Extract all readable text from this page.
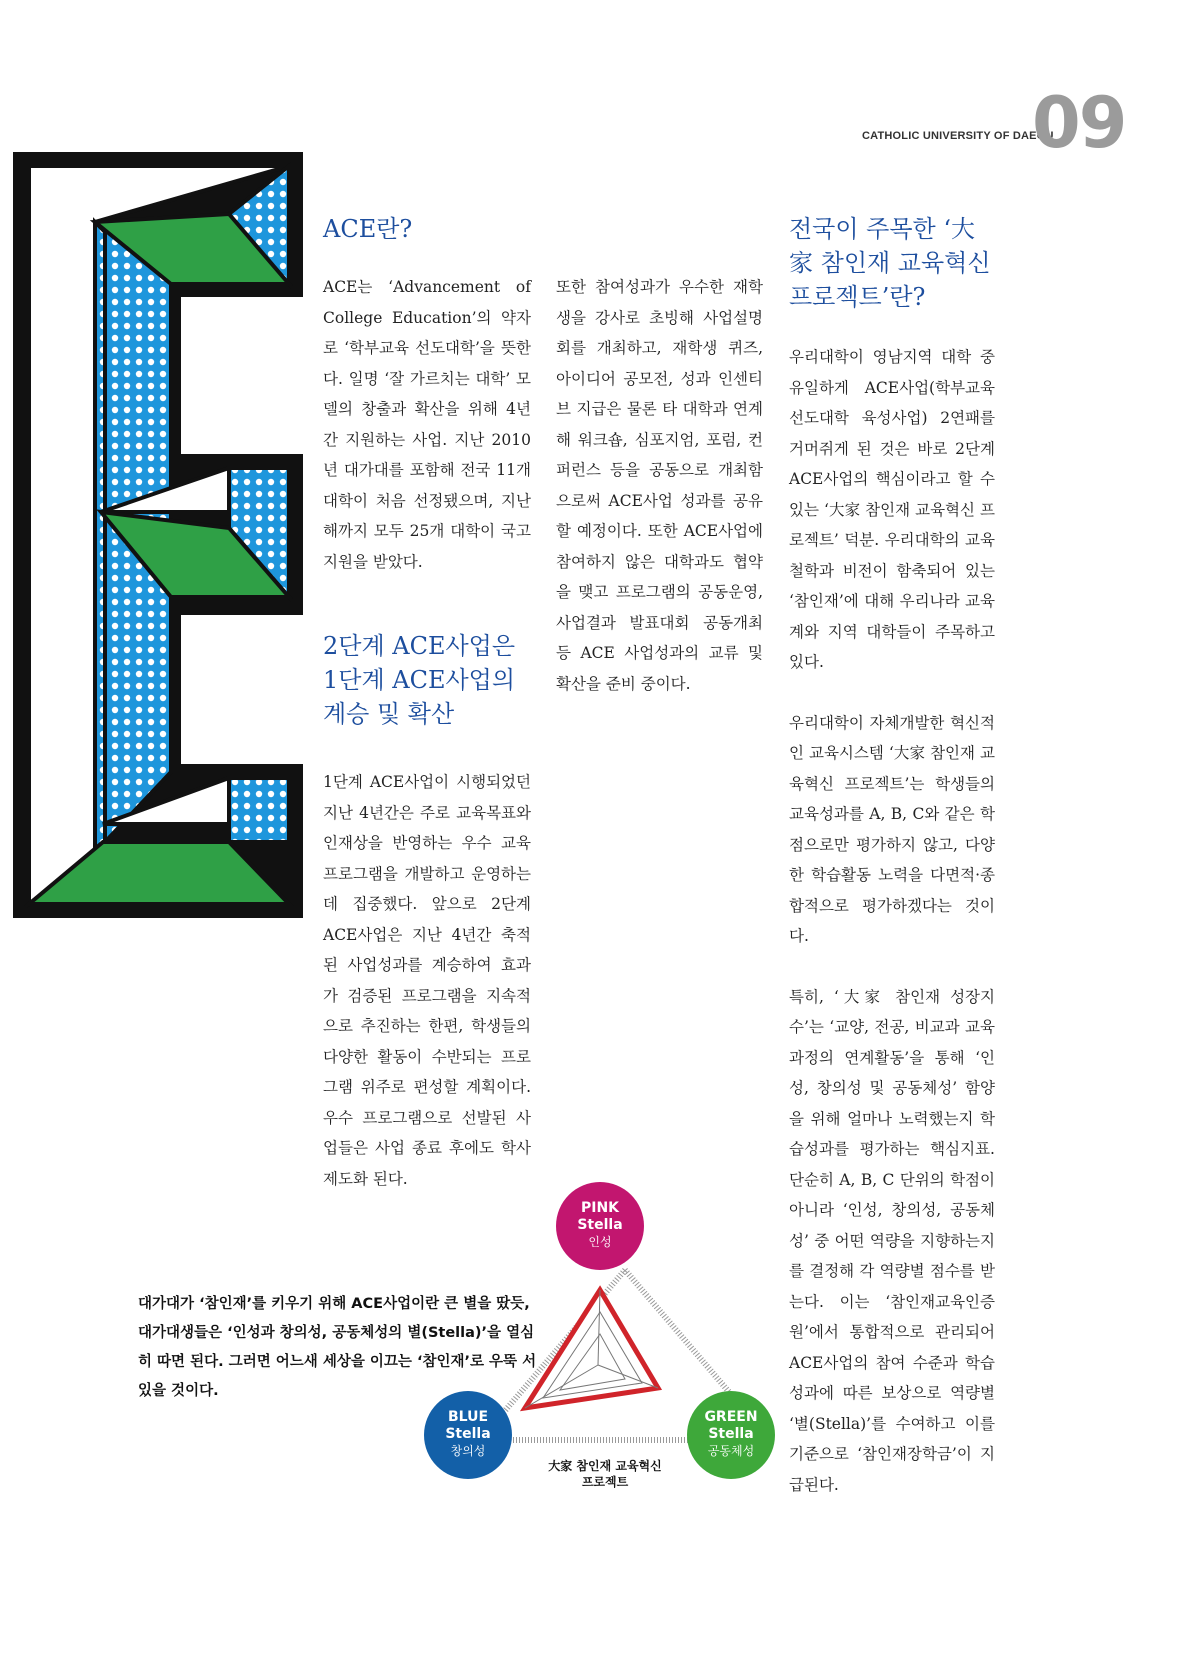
CATHOLIC UNIVERSITY OF DAEGU
09
ACE란?

ACE는 ‘Advancement of College Education’의 약자로 ‘학부교육 선도대학’을 뜻한다. 일명 ‘잘 가르치는 대학’ 모델의 창출과 확산을 위해 4년간 지원하는 사업. 지난 2010년 대가대를 포함해 전국 11개 대학이 처음 선정됐으며, 지난해까지 모두 25개 대학이 국고지원을 받았다.

2단계 ACE사업은 1단계 ACE사업의 계승 및 확산

1단계 ACE사업이 시행되었던 지난 4년간은 주로 교육목표와 인재상을 반영하는 우수 교육프로그램을 개발하고 운영하는 데 집중했다. 앞으로 2단계 ACE사업은 지난 4년간 축적된 사업성과를 계승하여 효과가 검증된 프로그램을 지속적으로 추진하는 한편, 학생들의 다양한 활동이 수반되는 프로그램 위주로 편성할 계획이다. 우수 프로그램으로 선발된 사업들은 사업 종료 후에도 학사제도화 된다.

또한 참여성과가 우수한 재학생을 강사로 초빙해 사업설명회를 개최하고, 재학생 퀴즈, 아이디어 공모전, 성과 인센티브 지급은 물론 타 대학과 연계해 워크숍, 심포지엄, 포럼, 컨퍼런스 등을 공동으로 개최함으로써 ACE사업 성과를 공유할 예정이다. 또한 ACE사업에 참여하지 않은 대학과도 협약을 맺고 프로그램의 공동운영, 사업결과 발표대회 공동개최 등 ACE 사업성과의 교류 및 확산을 준비 중이다.

전국이 주목한 ‘大家 참인재 교육혁신 프로젝트’란?

우리대학이 영남지역 대학 중 유일하게 ACE사업(학부교육 선도대학 육성사업) 2연패를 거머쥐게 된 것은 바로 2단계 ACE사업의 핵심이라고 할 수 있는 ‘大家 참인재 교육혁신 프로젝트’ 덕분. 우리대학의 교육철학과 비전이 함축되어 있는 ‘참인재’에 대해 우리나라 교육계와 지역 대학들이 주목하고 있다.

우리대학이 자체개발한 혁신적인 교육시스템 ‘大家 참인재 교육혁신 프로젝트’는 학생들의 교육성과를 A, B, C와 같은 학점으로만 평가하지 않고, 다양한 학습활동 노력을 다면적·종합적으로 평가하겠다는 것이다.

특히, ‘大家 참인재 성장지수’는 ‘교양, 전공, 비교과 교육과정의 연계활동’을 통해 ‘인성, 창의성 및 공동체성’ 함양을 위해 얼마나 노력했는지 학습성과를 평가하는 핵심지표. 단순히 A, B, C 단위의 학점이 아니라 ‘인성, 창의성, 공동체성’ 중 어떤 역량을 지향하는지를 결정해 각 역량별 점수를 받는다. 이는 ‘참인재교육인증원’에서 통합적으로 관리되어 ACE사업의 참여 수준과 학습성과에 따른 보상으로 역량별 ‘별(Stella)’를 수여하고 이를 기준으로 ‘참인재장학금’이 지급된다.

대가대가 ‘참인재’를 키우기 위해 ACE사업이란 큰 별을 땄듯, 대가대생들은 ‘인성과 창의성, 공동체성의 별(Stella)’을 열심히 따면 된다. 그러면 어느새 세상을 이끄는 ‘참인재’로 우뚝 서 있을 것이다.

PINK
Stella
인성
BLUE
Stella
창의성
GREEN
Stella
공동체성
大家 참인재 교육혁신
프로젝트
